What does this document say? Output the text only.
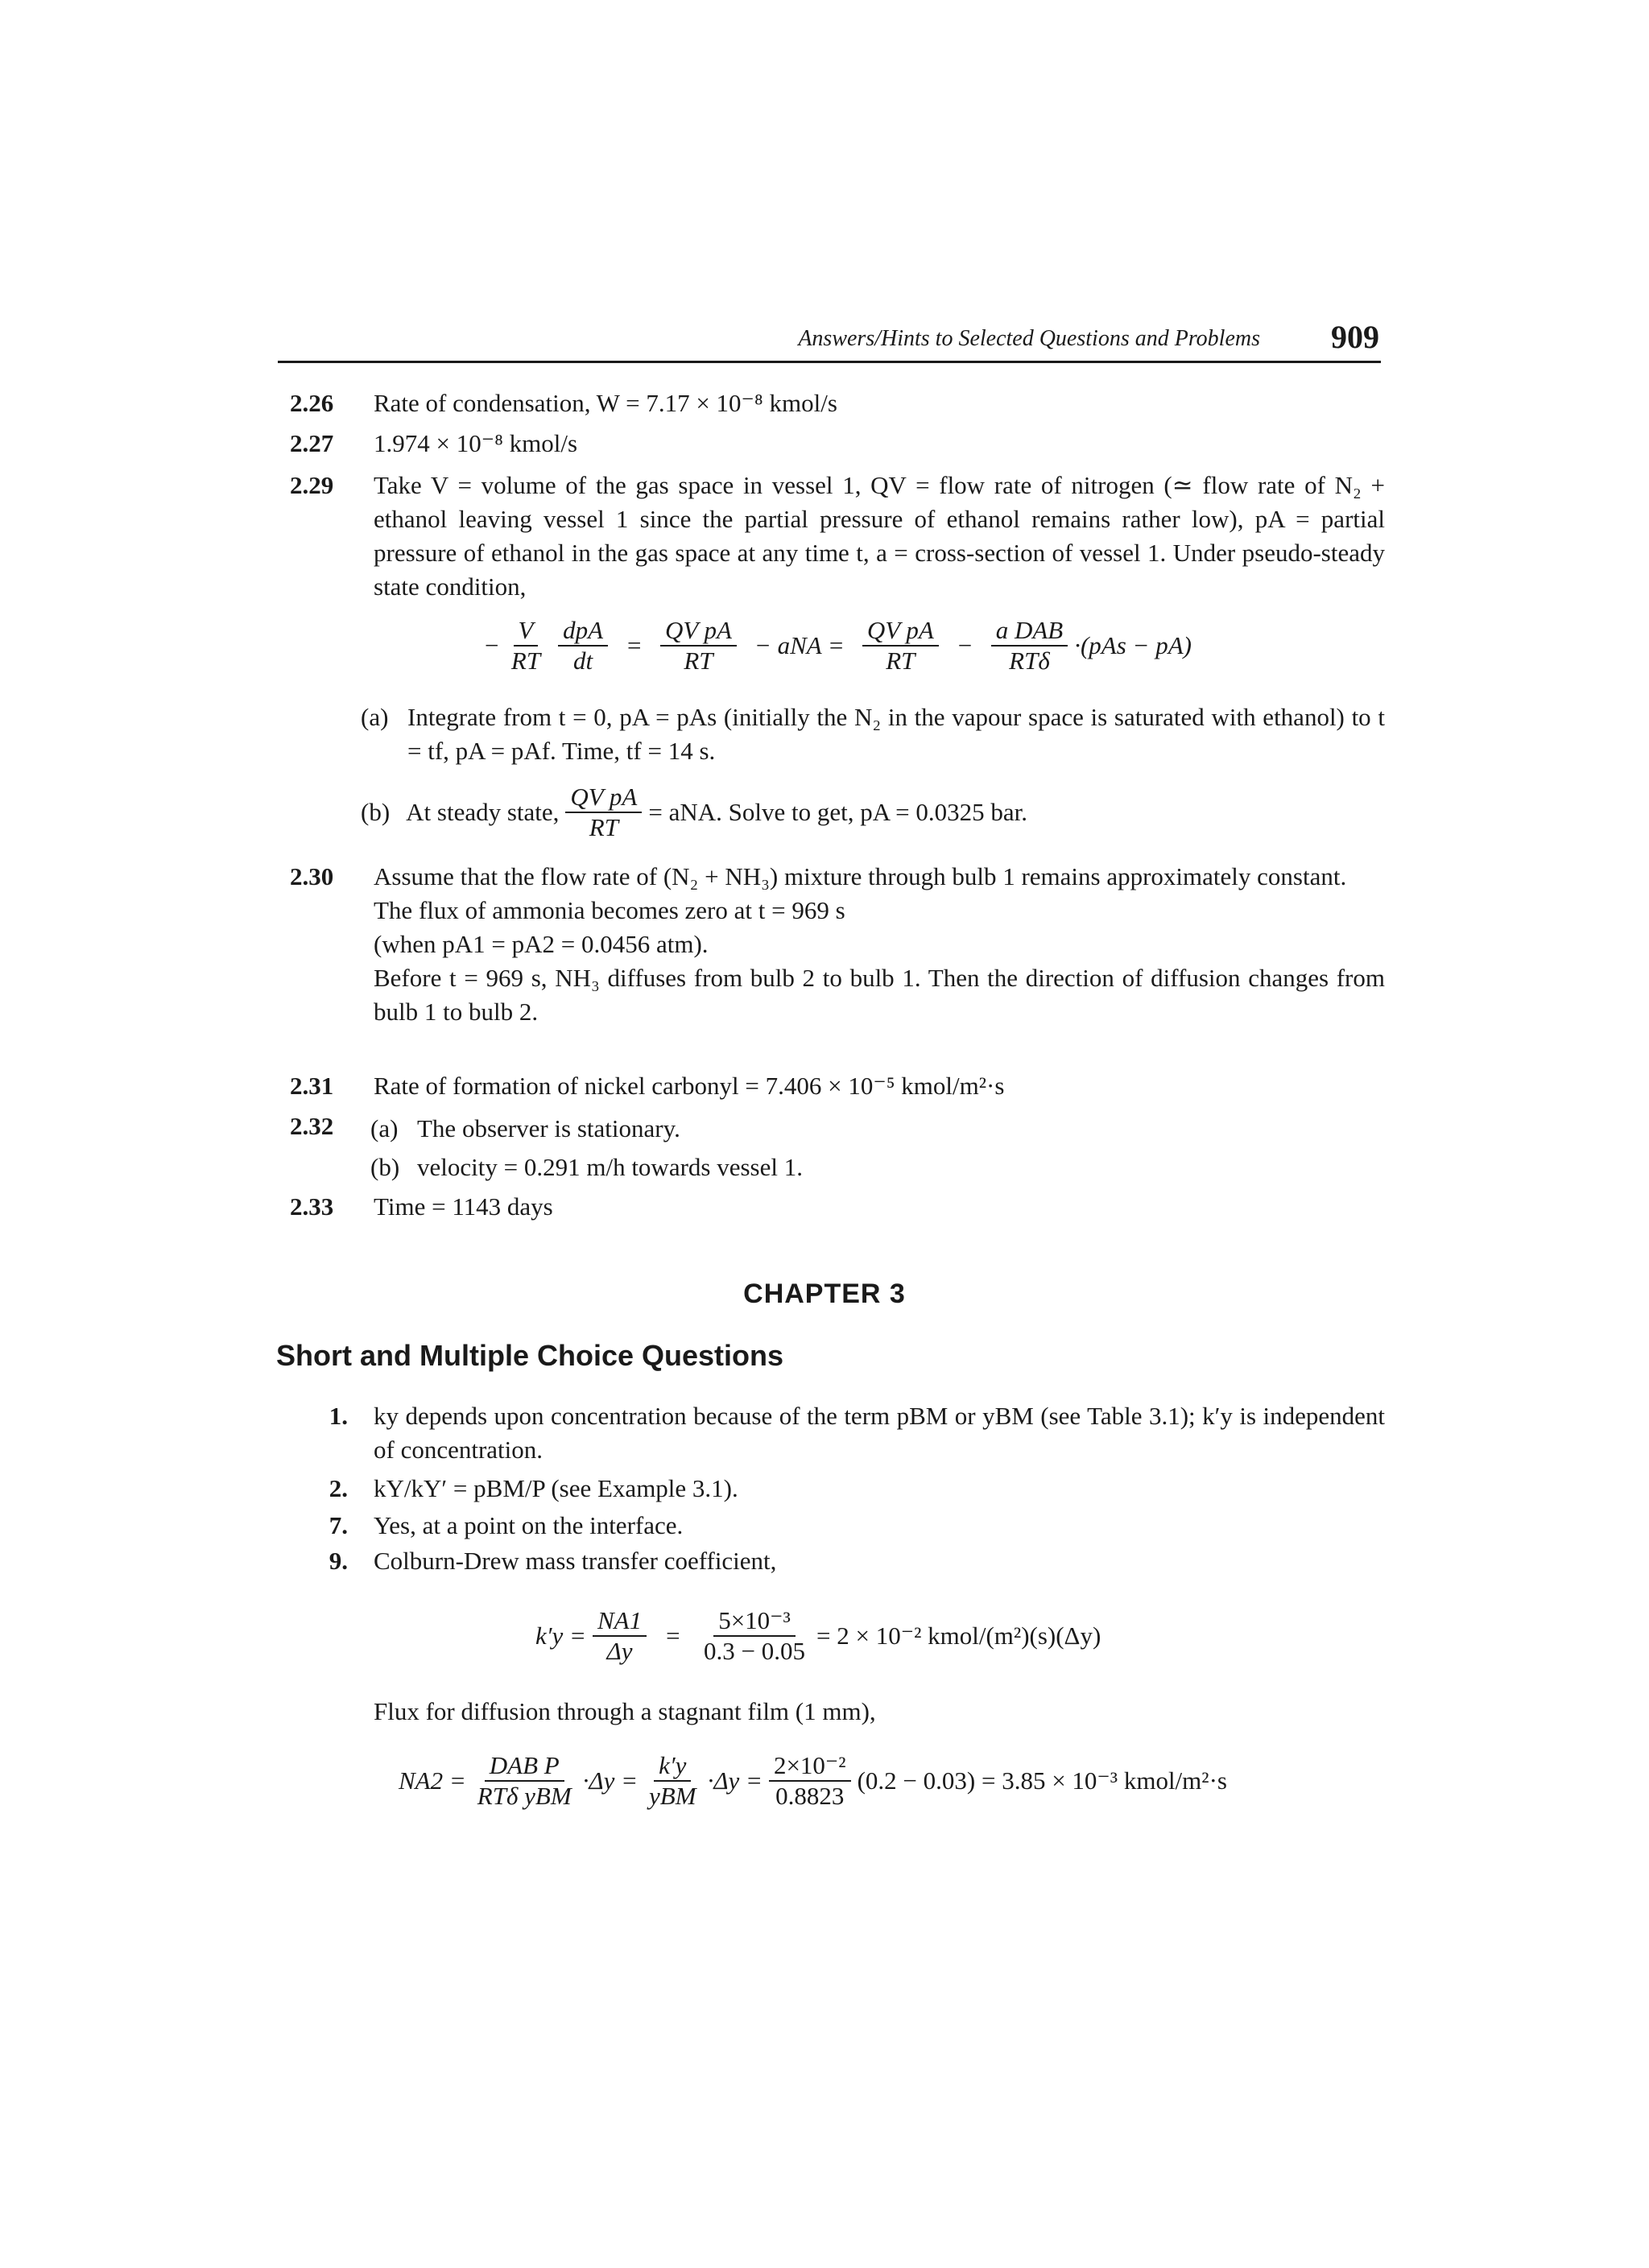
Answers/Hints to Selected Questions and Problems 909
2.26 Rate of condensation, W = 7.17 × 10⁻⁸ kmol/s
2.27 1.974 × 10⁻⁸ kmol/s
2.29 Take V = volume of the gas space in vessel 1, QV = flow rate of nitrogen (≃ flow rate of N₂ + ethanol leaving vessel 1 since the partial pressure of ethanol remains rather low), pA = partial pressure of ethanol in the gas space at any time t, a = cross-section of vessel 1. Under pseudo-steady state condition,
− $\frac{V}{RT} \frac{\text{dpA}}{dt} = \frac{\text{QV pA}}{RT}$ − aNA = $\frac{\text{QV pA}}{RT} - \frac{\text{a DAB}}{\text{RTδ}} \cdot(pAs - pA)$
(a) Integrate from t = 0, pA = pAs (initially the N₂ in the vapour space is saturated with ethanol) to t = tf, pA = pAf. Time, tf = 14 s.
(b) At steady state, $\frac{\text{QV pA}}{RT}$ = aNA. Solve to get, pA = 0.0325 bar.
2.30 Assume that the flow rate of (N₂ + NH₃) mixture through bulb 1 remains approximately constant.
The flux of ammonia becomes zero at t = 969 s
(when pA1 = pA2 = 0.0456 atm).
Before t = 969 s, NH₃ diffuses from bulb 2 to bulb 1. Then the direction of diffusion changes from bulb 1 to bulb 2.
2.31 Rate of formation of nickel carbonyl = 7.406 × 10⁻⁵ kmol/m²·s
2.32 (a) The observer is stationary.
(b) velocity = 0.291 m/h towards vessel 1.
2.33 Time = 1143 days
CHAPTER 3
Short and Multiple Choice Questions
1. ky depends upon concentration because of the term pBM or yBM (see Table 3.1); k′y is independent of concentration.
2. kY/kY′ = pBM/P (see Example 3.1).
7. Yes, at a point on the interface.
9. Colburn-Drew mass transfer coefficient,
$k'y = \frac{NA1}{\Delta y} = \frac{\text{5×10⁻³}}{0.3 - 0.05} = 2 \times 10^{-2}$ kmol/(m²)(s)(Δy)
Flux for diffusion through a stagnant film (1 mm),
$NA2 = \frac{\text{DAB P}}{\text{RTδ yBM}} \cdot\Delta y = \frac{k'y}{\text{yBM}} \cdot\Delta y = \frac{\text{2×10⁻²}}{0.8823} (0.2 - 0.03) = 3.85 \times 10^{-3}$ kmol/m²·s
